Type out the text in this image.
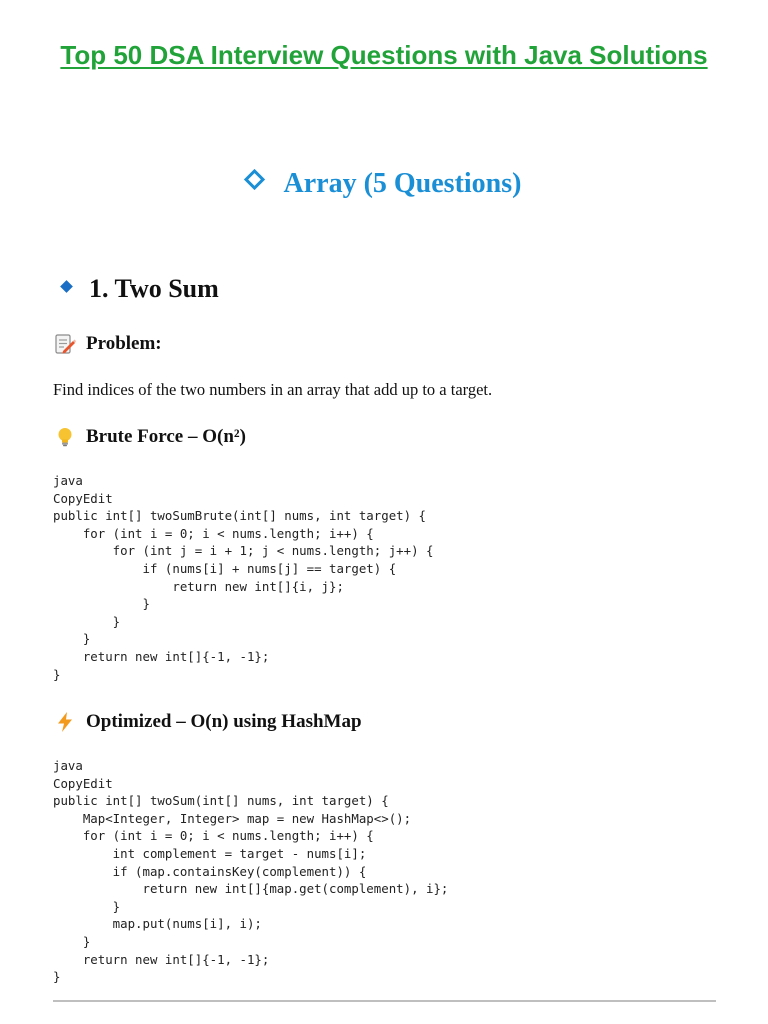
Top 50 DSA Interview Questions with Java Solutions
Array (5 Questions)
1. Two Sum
Problem:
Find indices of the two numbers in an array that add up to a target.
Brute Force – O(n²)
java
CopyEdit
public int[] twoSumBrute(int[] nums, int target) {
for (int i = 0; i < nums.length; i++) {
for (int j = i + 1; j < nums.length; j++) {
if (nums[i] + nums[j] == target) {
return new int[]{i, j};
}
}
}
return new int[]{-1, -1};
}
Optimized – O(n) using HashMap
java
CopyEdit
public int[] twoSum(int[] nums, int target) {
Map<Integer, Integer> map = new HashMap<>();
for (int i = 0; i < nums.length; i++) {
int complement = target - nums[i];
if (map.containsKey(complement)) {
return new int[]{map.get(complement), i};
}
map.put(nums[i], i);
}
return new int[]{-1, -1};
}
